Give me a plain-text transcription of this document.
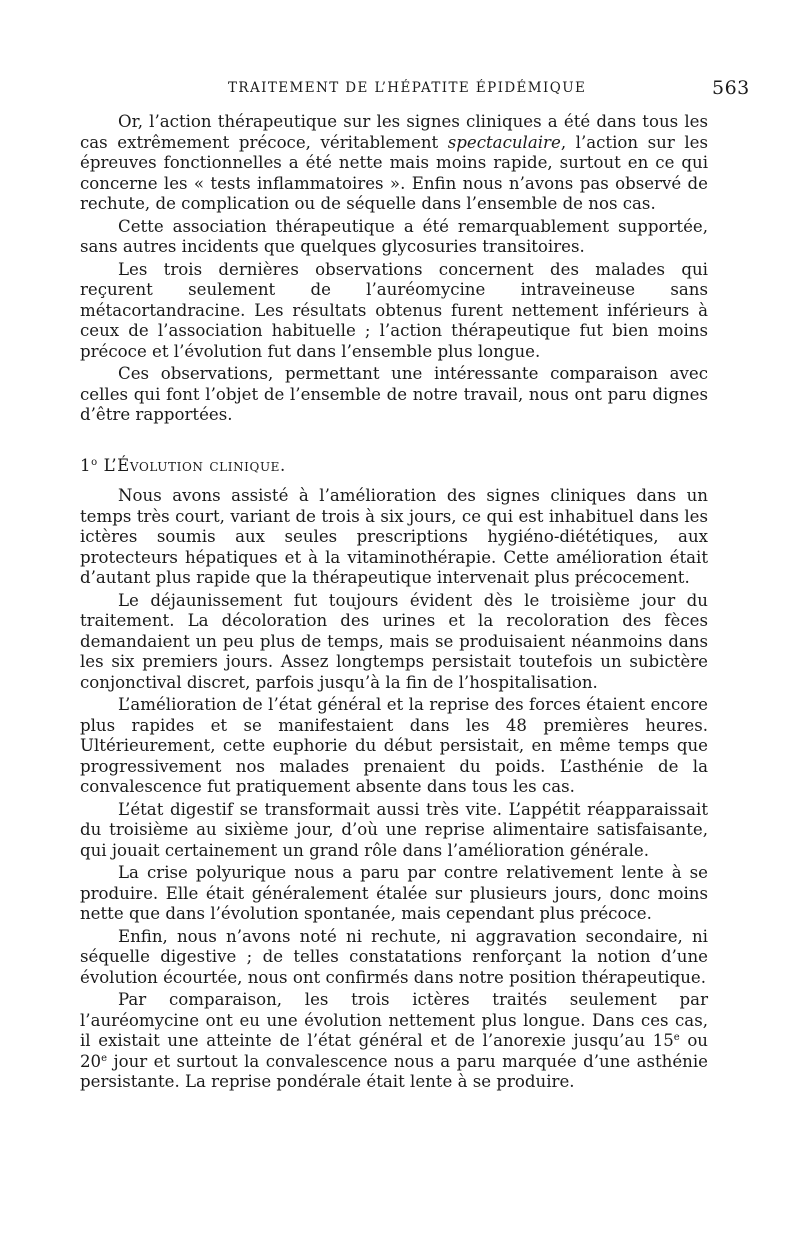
TRAITEMENT DE L’HÉPATITE ÉPIDÉMIQUE	563

Or, l’action thérapeutique sur les signes cliniques a été dans tous les cas extrêmement précoce, véritablement spectaculaire, l’action sur les épreuves fonctionnelles a été nette mais moins rapide, surtout en ce qui concerne les « tests inflammatoires ». Enfin nous n’avons pas observé de rechute, de complication ou de séquelle dans l’ensemble de nos cas.

Cette association thérapeutique a été remarquablement supportée, sans autres incidents que quelques glycosuries transitoires.

Les trois dernières observations concernent des malades qui reçurent seulement de l’auréomycine intraveineuse sans métacortandracine. Les résultats obtenus furent nettement inférieurs à ceux de l’association habituelle ; l’action thérapeutique fut bien moins précoce et l’évolution fut dans l’ensemble plus longue.

Ces observations, permettant une intéressante comparaison avec celles qui font l’objet de l’ensemble de notre travail, nous ont paru dignes d’être rapportées.

1$^o$ L’Évolution clinique.

Nous avons assisté à l’amélioration des signes cliniques dans un temps très court, variant de trois à six jours, ce qui est inhabituel dans les ictères soumis aux seules prescriptions hygiéno-diététiques, aux protecteurs hépatiques et à la vitaminothérapie. Cette amélioration était d’autant plus rapide que la thérapeutique intervenait plus précocement.

Le déjaunissement fut toujours évident dès le troisième jour du traitement. La décoloration des urines et la recoloration des fèces demandaient un peu plus de temps, mais se produisaient néanmoins dans les six premiers jours. Assez longtemps persistait toutefois un subictère conjonctival discret, parfois jusqu’à la fin de l’hospitalisation.

L’amélioration de l’état général et la reprise des forces étaient encore plus rapides et se manifestaient dans les 48 premières heures. Ultérieurement, cette euphorie du début persistait, en même temps que progressivement nos malades prenaient du poids. L’asthénie de la convalescence fut pratiquement absente dans tous les cas.

L’état digestif se transformait aussi très vite. L’appétit réapparaissait du troisième au sixième jour, d’où une reprise alimentaire satisfaisante, qui jouait certainement un grand rôle dans l’amélioration générale.

La crise polyurique nous a paru par contre relativement lente à se produire. Elle était généralement étalée sur plusieurs jours, donc moins nette que dans l’évolution spontanée, mais cependant plus précoce.

Enfin, nous n’avons noté ni rechute, ni aggravation secondaire, ni séquelle digestive ; de telles constatations renforçant la notion d’une évolution écourtée, nous ont confirmés dans notre position thérapeutique.

Par comparaison, les trois ictères traités seulement par l’auréomycine ont eu une évolution nettement plus longue. Dans ces cas, il existait une atteinte de l’état général et de l’anorexie jusqu’au 15e ou 20e jour et surtout la convalescence nous a paru marquée d’une asthénie persistante. La reprise pondérale était lente à se produire.
